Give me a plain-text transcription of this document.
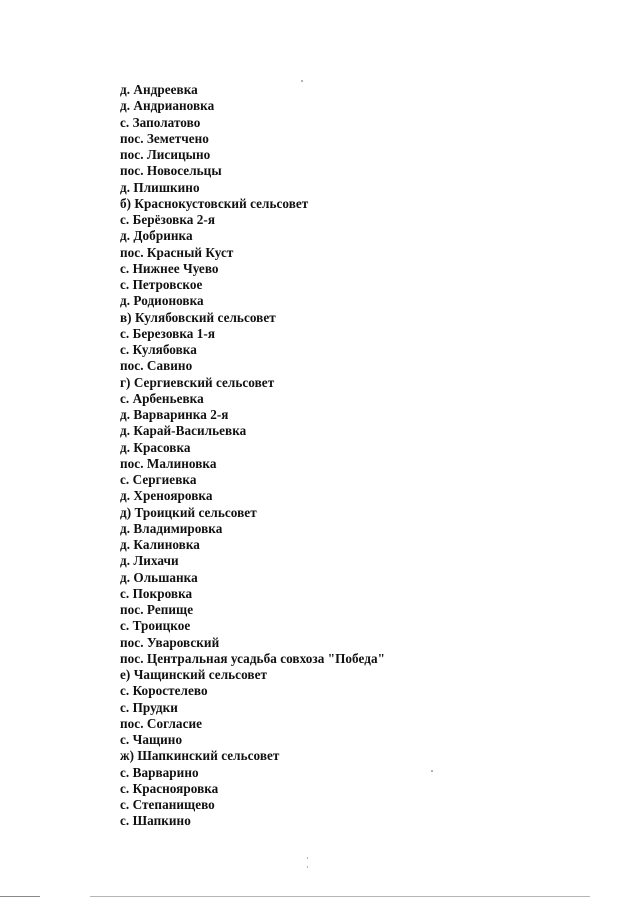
д. Андреевка
д. Андриановка
с. Заполатово
пос. Земетчено
пос. Лисицыно
пос. Новосельцы
д. Плишкино
б) Краснокустовский сельсовет
с. Берёзовка 2-я
д. Добринка
пос. Красный Куст
с. Нижнее Чуево
с. Петровское
д. Родионовка
в) Кулябовский сельсовет
с. Березовка 1-я
с. Кулябовка
пос. Савино
г) Сергиевский сельсовет
с. Арбеньевка
д. Варваринка 2-я
д. Карай-Васильевка
д. Красовка
пос. Малиновка
с. Сергиевка
д. Хренояровка
д) Троицкий сельсовет
д. Владимировка
д. Калиновка
д. Лихачи
д. Ольшанка
с. Покровка
пос. Репище
с. Троицкое
пос. Уваровский
пос. Центральная усадьба совхоза "Победа"
е) Чащинский сельсовет
с. Коростелево
с. Прудки
пос. Согласие
с. Чащино
ж) Шапкинский сельсовет
с. Варварино
с. Краснояровка
с. Степанищево
с. Шапкино
